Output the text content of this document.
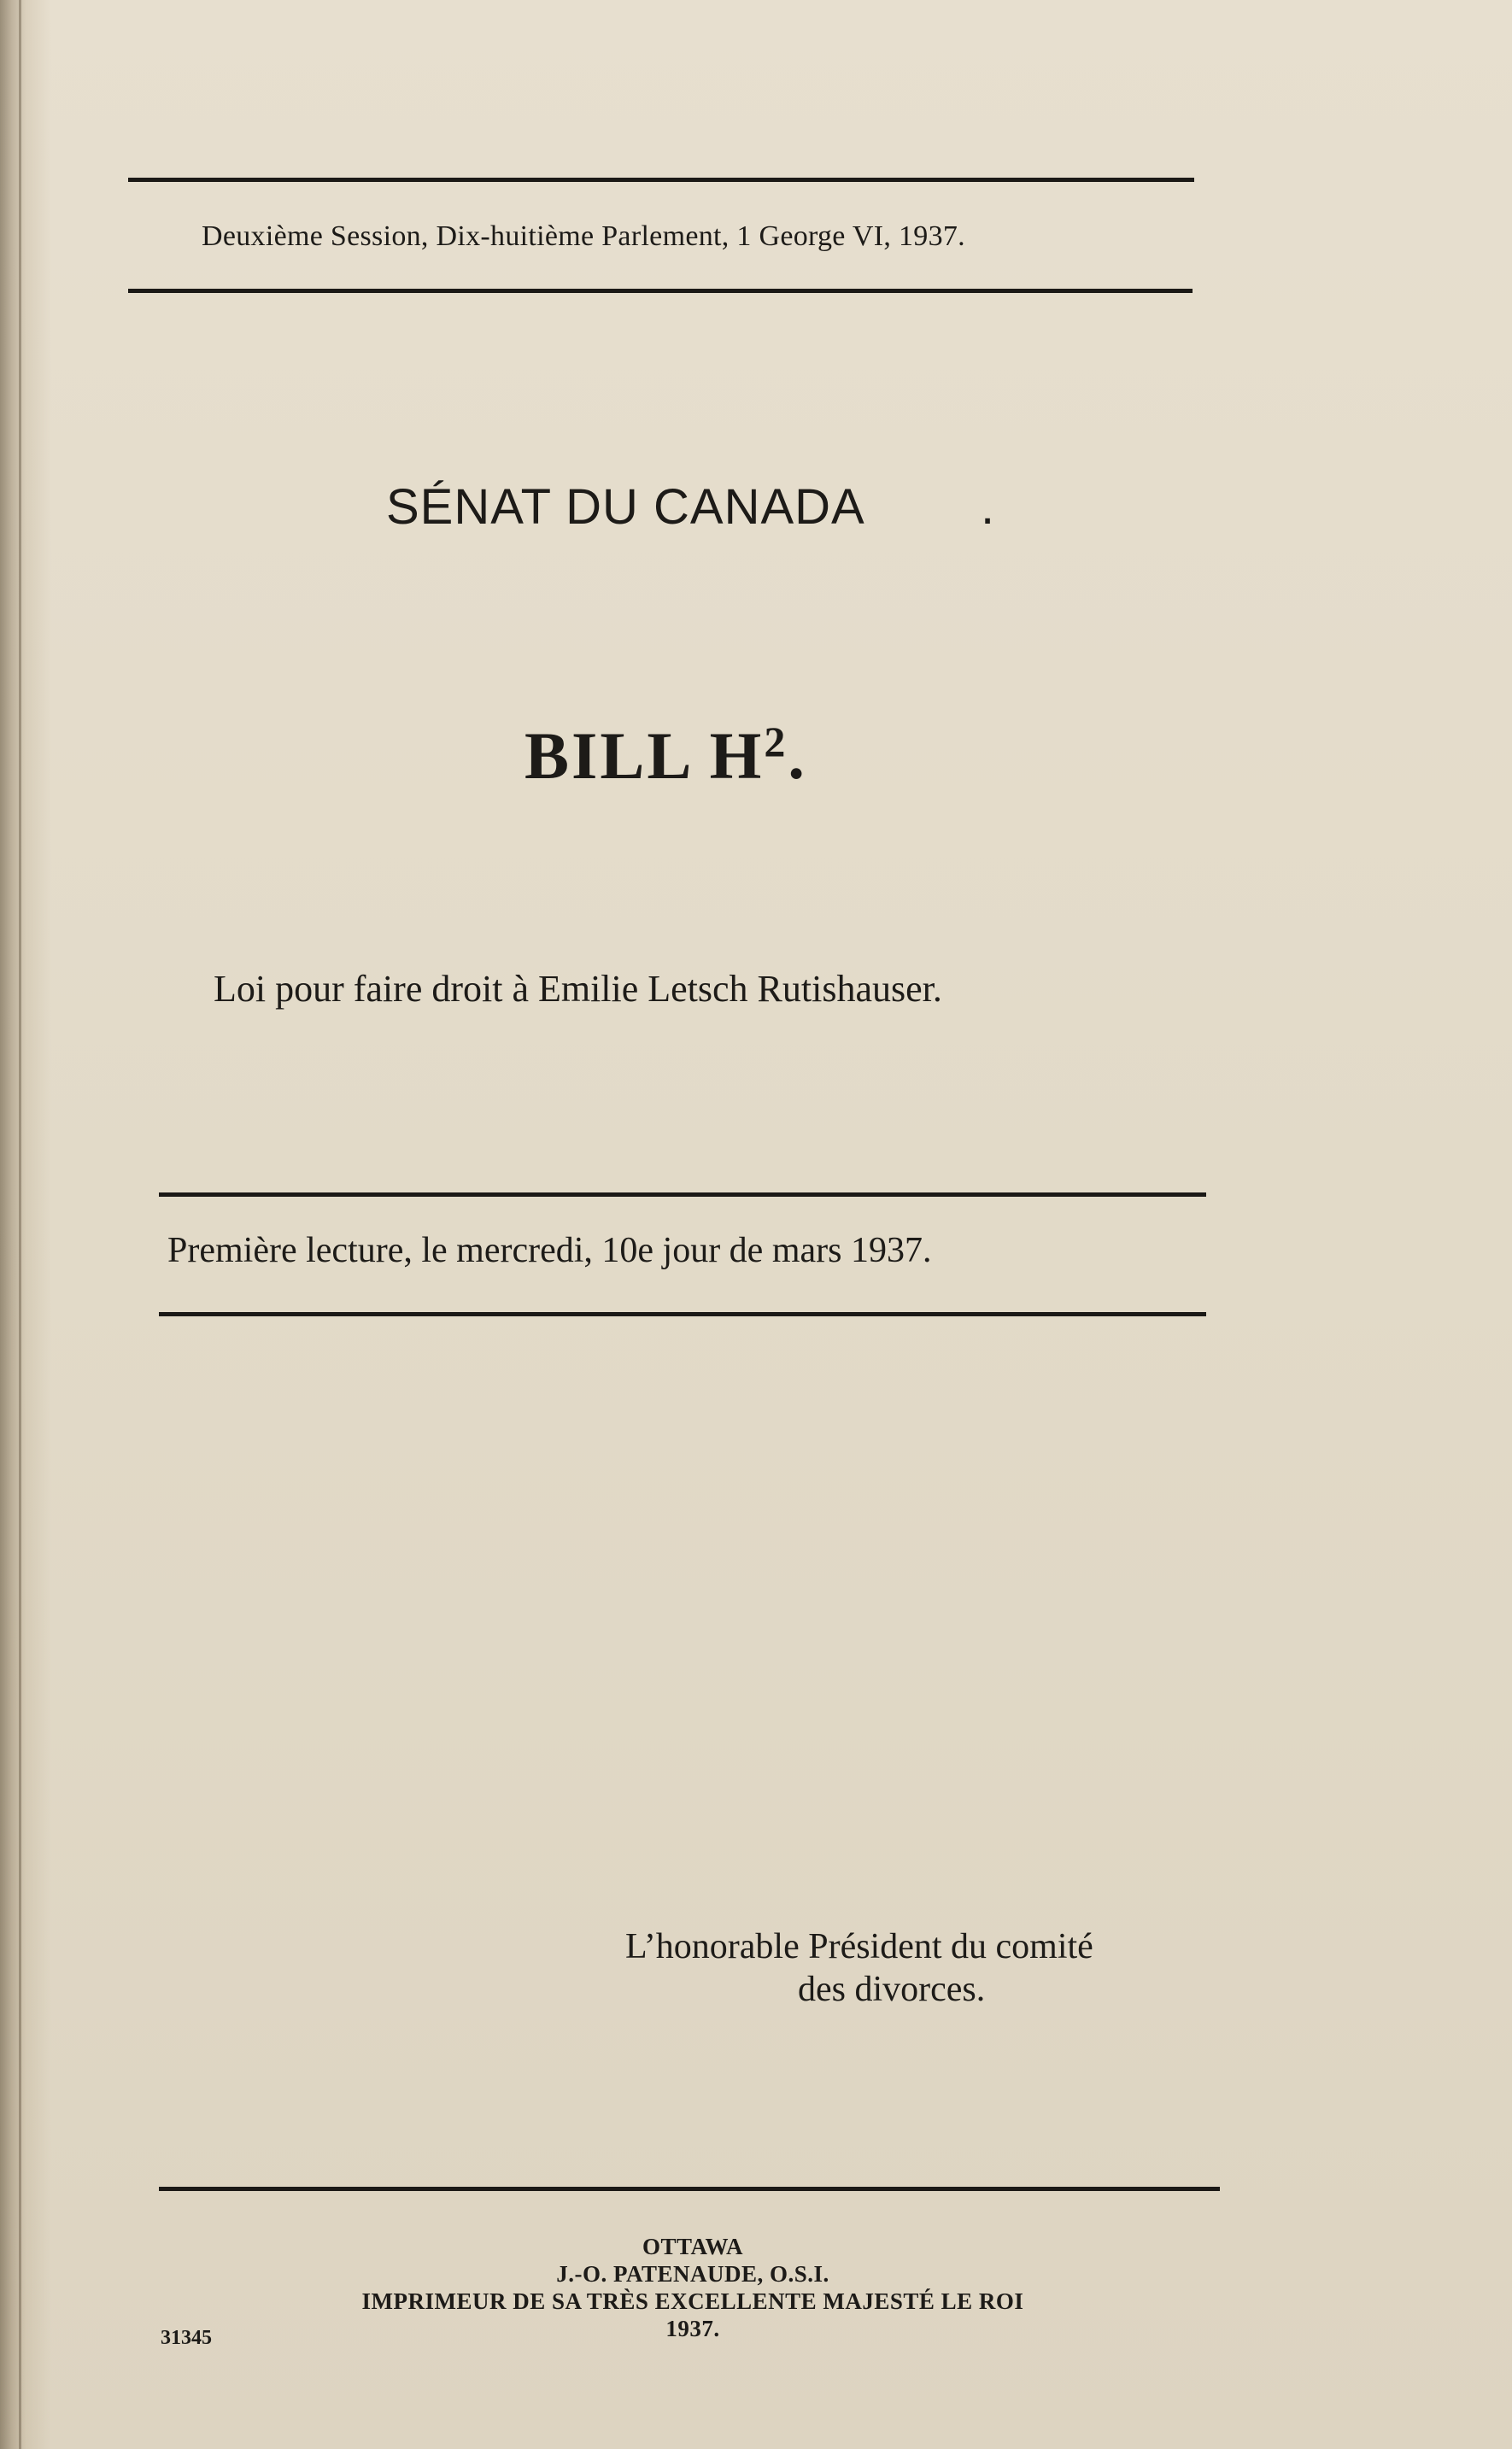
Deuxième Session, Dix-huitième Parlement, 1 George VI, 1937.
SÉNAT DU CANADA .
BILL $H^2$.
Loi pour faire droit à Emilie Letsch Rutishauser.
Première lecture, le mercredi, 10e jour de mars 1937.
L’honorable Président du comité
des divorces.
OTTAWA
J.-O. PATENAUDE, O.S.I.
IMPRIMEUR DE SA TRÈS EXCELLENTE MAJESTÉ LE ROI
1937.
31345
